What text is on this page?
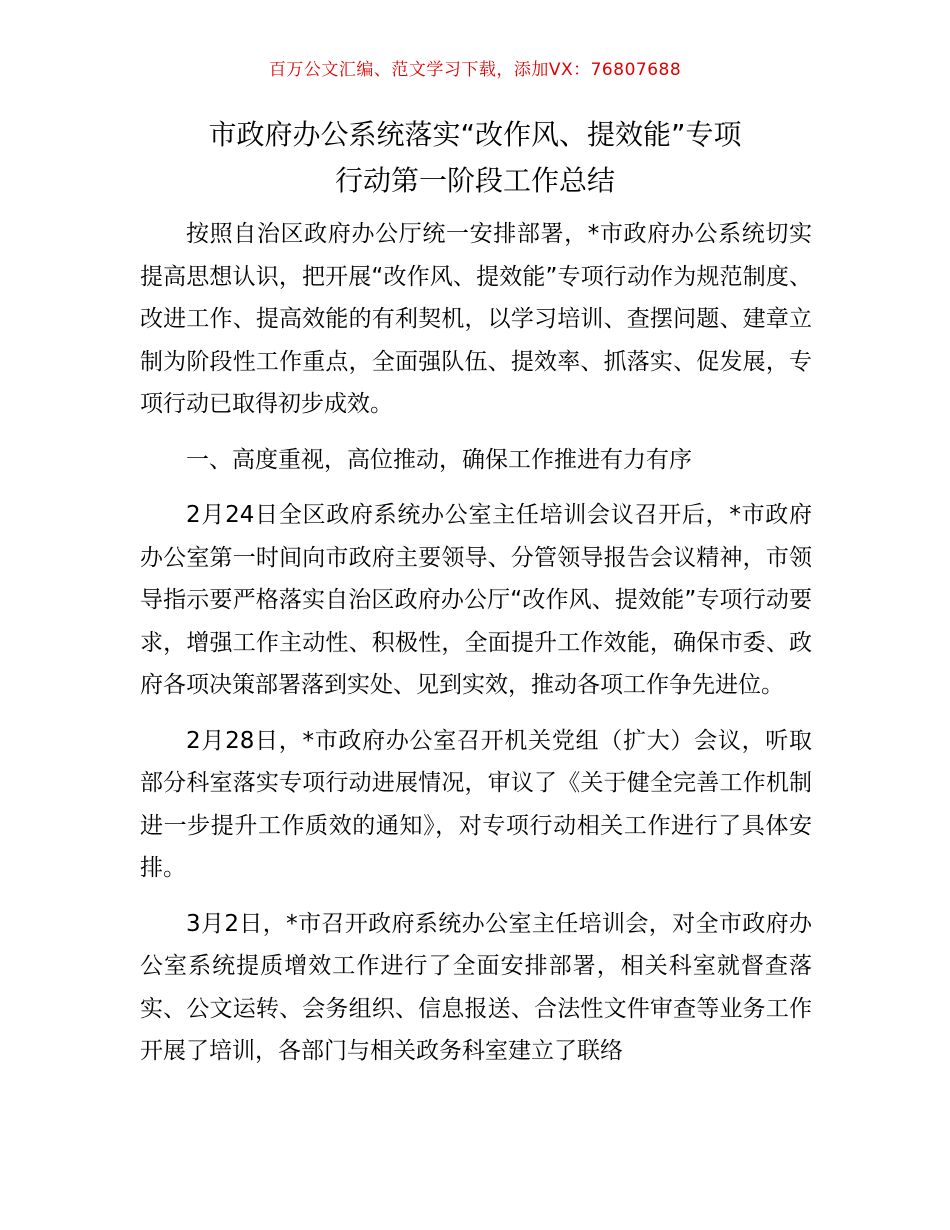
百万公文汇编、范文学习下载，添加VX：76807688
市政府办公系统落实“改作风、提效能”专项
行动第一阶段工作总结

按照自治区政府办公厅统一安排部署，*市政府办公系统切实提高思想认识，把开展“改作风、提效能”专项行动作为规范制度、改进工作、提高效能的有利契机，以学习培训、查摆问题、建章立制为阶段性工作重点，全面强队伍、提效率、抓落实、促发展，专项行动已取得初步成效。

一、高度重视，高位推动，确保工作推进有力有序

2月24日全区政府系统办公室主任培训会议召开后，*市政府办公室第一时间向市政府主要领导、分管领导报告会议精神，市领导指示要严格落实自治区政府办公厅“改作风、提效能”专项行动要求，增强工作主动性、积极性，全面提升工作效能，确保市委、政府各项决策部署落到实处、见到实效，推动各项工作争先进位。

2月28日，*市政府办公室召开机关党组（扩大）会议，听取部分科室落实专项行动进展情况，审议了《关于健全完善工作机制进一步提升工作质效的通知》，对专项行动相关工作进行了具体安排。

3月2日，*市召开政府系统办公室主任培训会，对全市政府办公室系统提质增效工作进行了全面安排部署，相关科室就督查落实、公文运转、会务组织、信息报送、合法性文件审查等业务工作开展了培训，各部门与相关政务科室建立了联络
